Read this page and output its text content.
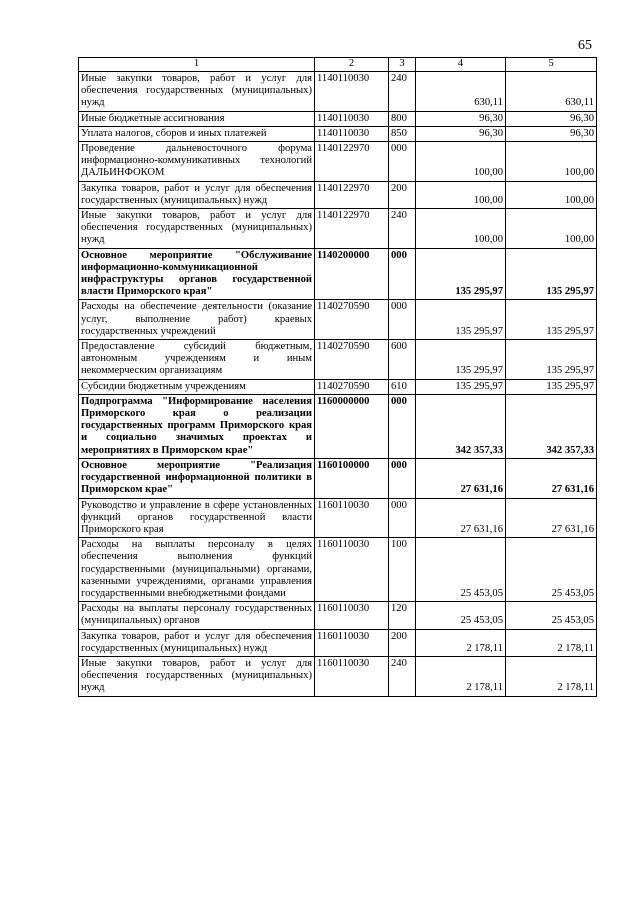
65
1	2	3	4	5
Иные закупки товаров, работ и услуг для обеспечения государственных (муниципальных) нужд	1140110030	240	630,11	630,11
Иные бюджетные ассигнования	1140110030	800	96,30	96,30
Уплата налогов, сборов и иных платежей	1140110030	850	96,30	96,30
Проведение дальневосточного форума информационно-коммуникативных технологий ДАЛЬИНФОКОМ	1140122970	000	100,00	100,00
Закупка товаров, работ и услуг для обеспечения государственных (муниципальных) нужд	1140122970	200	100,00	100,00
Иные закупки товаров, работ и услуг для обеспечения государственных (муниципальных) нужд	1140122970	240	100,00	100,00
Основное мероприятие "Обслуживание информационно-коммуникационной инфраструктуры органов государственной власти Приморского края"	1140200000	000	135 295,97	135 295,97
Расходы на обеспечение деятельности (оказание услуг, выполнение работ) краевых государственных учреждений	1140270590	000	135 295,97	135 295,97
Предоставление субсидий бюджетным, автономным учреждениям и иным некоммерческим организациям	1140270590	600	135 295,97	135 295,97
Субсидии бюджетным учреждениям	1140270590	610	135 295,97	135 295,97
Подпрограмма "Информирование населения Приморского края о реализации государственных программ Приморского края и социально значимых проектах и мероприятиях в Приморском крае"	1160000000	000	342 357,33	342 357,33
Основное мероприятие "Реализация государственной информационной политики в Приморском крае"	1160100000	000	27 631,16	27 631,16
Руководство и управление в сфере установленных функций органов государственной власти Приморского края	1160110030	000	27 631,16	27 631,16
Расходы на выплаты персоналу в целях обеспечения выполнения функций государственными (муниципальными) органами, казенными учреждениями, органами управления государственными внебюджетными фондами	1160110030	100	25 453,05	25 453,05
Расходы на выплаты персоналу государственных (муниципальных) органов	1160110030	120	25 453,05	25 453,05
Закупка товаров, работ и услуг для обеспечения государственных (муниципальных) нужд	1160110030	200	2 178,11	2 178,11
Иные закупки товаров, работ и услуг для обеспечения государственных (муниципальных) нужд	1160110030	240	2 178,11	2 178,11
